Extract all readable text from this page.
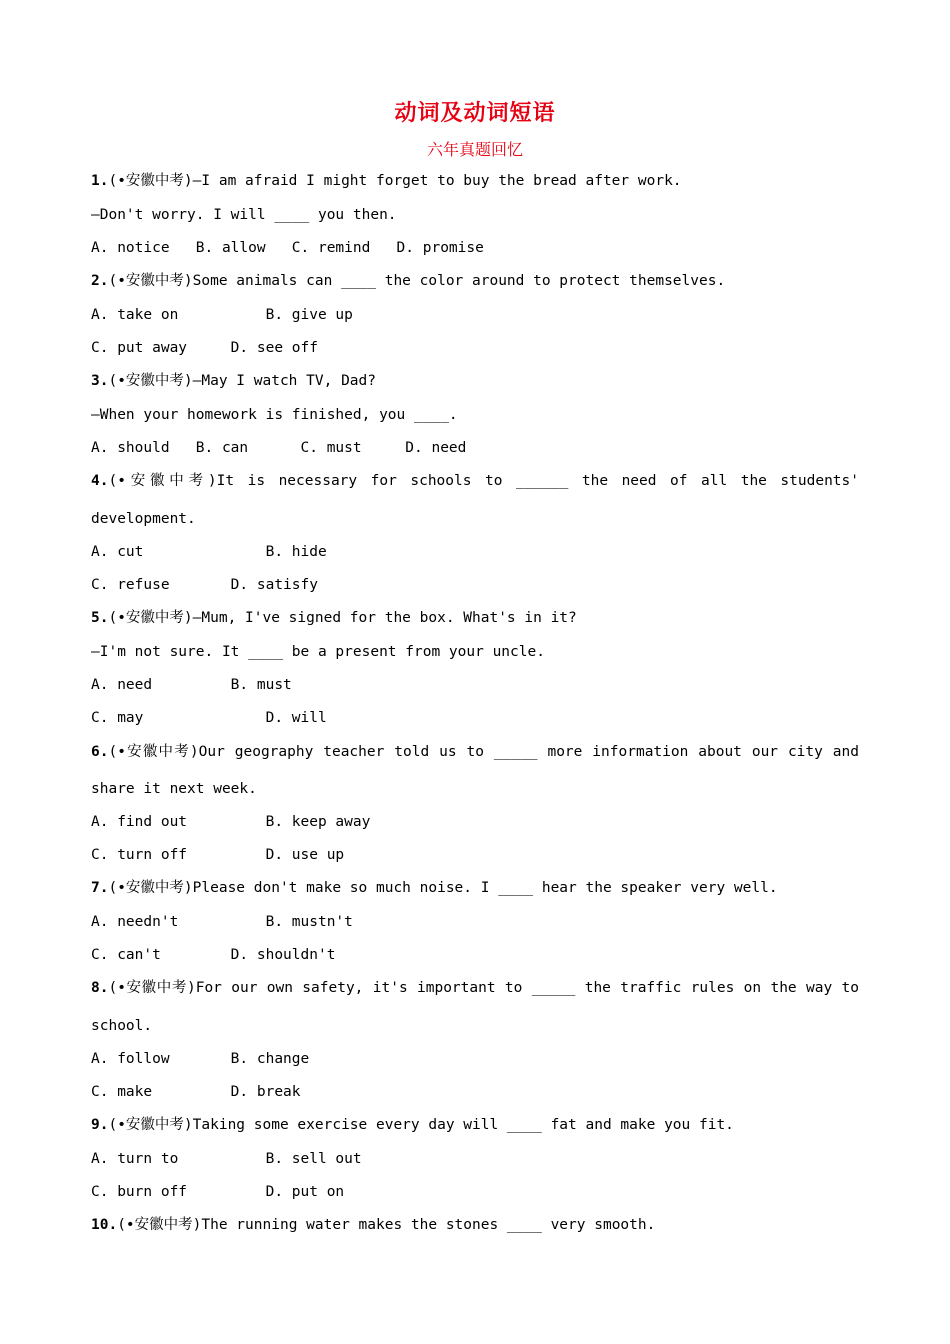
动词及动词短语
六年真题回忆
1.(•安徽中考)—I am afraid I might forget to buy the bread after work.
—Don't worry. I will ____ you then.
A. notice   B. allow   C. remind   D. promise
2.(•安徽中考)Some animals can ____ the color around to protect themselves.
A. take on          B. give up
C. put away     D. see off
3.(•安徽中考)—May I watch TV, Dad?
—When your homework is finished, you ____.
A. should   B. can      C. must     D. need
4.(•安徽中考)It is necessary for schools to ______ the need of all the students'
development.
A. cut              B. hide
C. refuse       D. satisfy
5.(•安徽中考)—Mum, I've signed for the box. What's in it?
—I'm not sure. It ____ be a present from your uncle.
A. need         B. must
C. may              D. will
6.(•安徽中考)Our geography teacher told us to _____ more information about our city and
share it next week.
A. find out         B. keep away
C. turn off         D. use up
7.(•安徽中考)Please don't make so much noise. I ____ hear the speaker very well.
A. needn't          B. mustn't
C. can't        D. shouldn't
8.(•安徽中考)For our own safety, it's important to _____ the traffic rules on the way to
school.
A. follow       B. change
C. make         D. break
9.(•安徽中考)Taking some exercise every day will ____ fat and make you fit.
A. turn to          B. sell out
C. burn off         D. put on
10.(•安徽中考)The running water makes the stones ____ very smooth.
